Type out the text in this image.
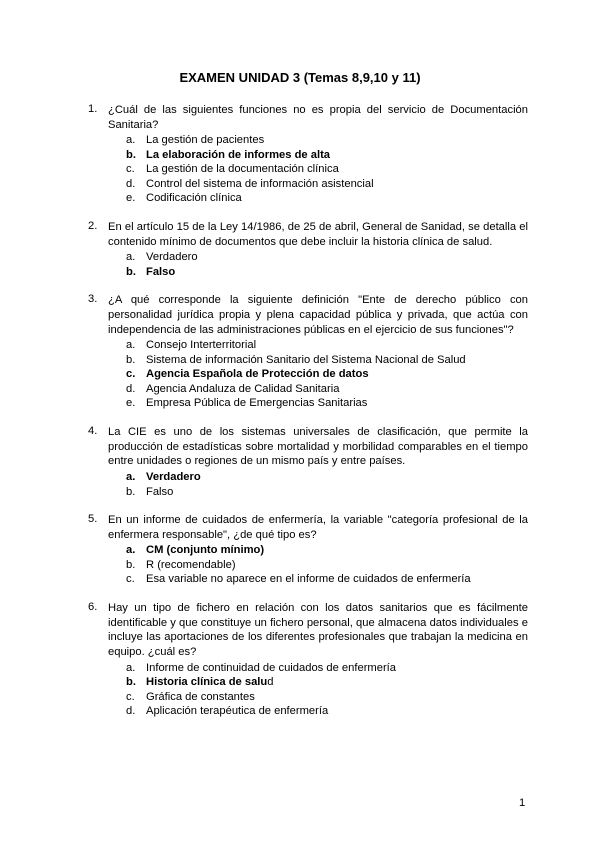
EXAMEN UNIDAD 3 (Temas 8,9,10 y 11)
1. ¿Cuál de las siguientes funciones no es propia del servicio de Documentación Sanitaria?
a. La gestión de pacientes
b. La elaboración de informes de alta
c. La gestión de la documentación clínica
d. Control del sistema de información asistencial
e. Codificación clínica
2. En el artículo 15 de la Ley 14/1986, de 25 de abril, General de Sanidad, se detalla el contenido mínimo de documentos que debe incluir la historia clínica de salud.
a. Verdadero
b. Falso
3. ¿A qué corresponde la siguiente definición "Ente de derecho público con personalidad jurídica propia y plena capacidad pública y privada, que actúa con independencia de las administraciones públicas en el ejercicio de sus funciones"?
a. Consejo Interterritorial
b. Sistema de información Sanitario del Sistema Nacional de Salud
c. Agencia Española de Protección de datos
d. Agencia Andaluza de Calidad Sanitaria
e. Empresa Pública de Emergencias Sanitarias
4. La CIE es uno de los sistemas universales de clasificación, que permite la producción de estadísticas sobre mortalidad y morbilidad comparables en el tiempo entre unidades o regiones de un mismo país y entre países.
a. Verdadero
b. Falso
5. En un informe de cuidados de enfermería, la variable "categoría profesional de la enfermera responsable", ¿de qué tipo es?
a. CM (conjunto mínimo)
b. R (recomendable)
c. Esa variable no aparece en el informe de cuidados de enfermería
6. Hay un tipo de fichero en relación con los datos sanitarios que es fácilmente identificable y que constituye un fichero personal, que almacena datos individuales e incluye las aportaciones de los diferentes profesionales que trabajan la medicina en equipo. ¿cuál es?
a. Informe de continuidad de cuidados de enfermería
b. Historia clínica de salud
c. Gráfica de constantes
d. Aplicación terapéutica de enfermería
1
